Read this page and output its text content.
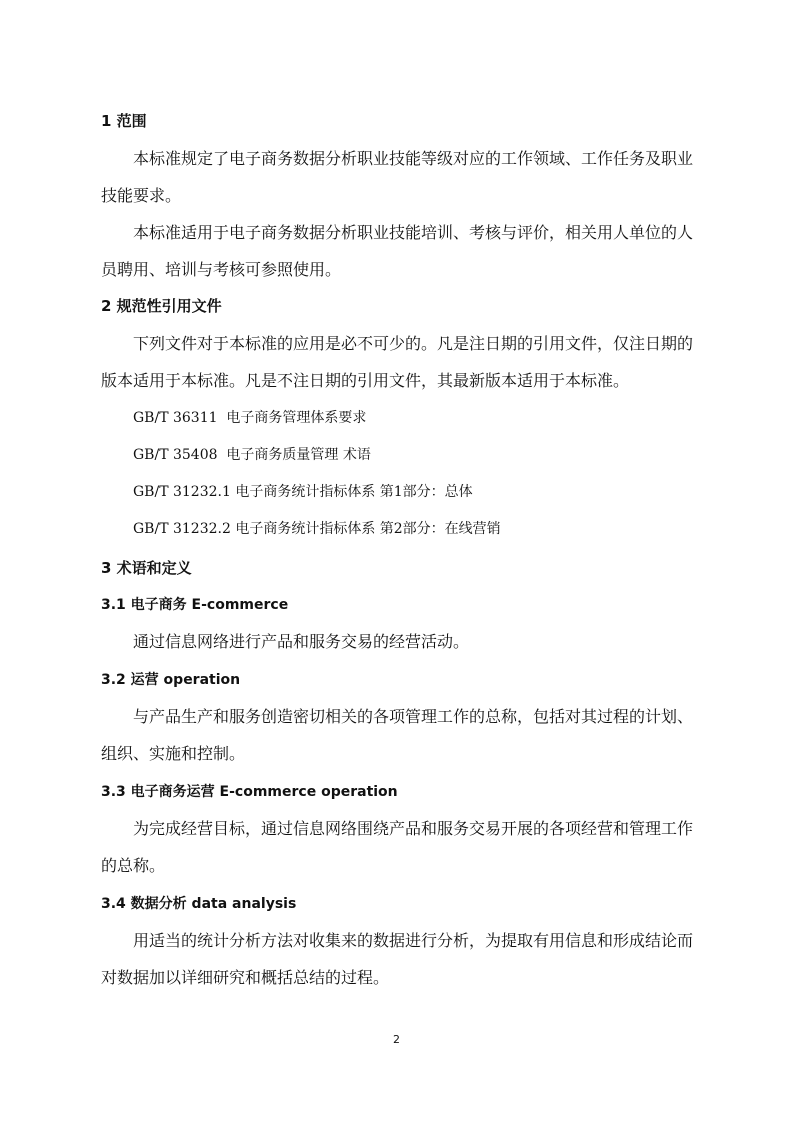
1 范围
本标准规定了电子商务数据分析职业技能等级对应的工作领域、工作任务及职业
技能要求。
本标准适用于电子商务数据分析职业技能培训、考核与评价，相关用人单位的人
员聘用、培训与考核可参照使用。
2 规范性引用文件
下列文件对于本标准的应用是必不可少的。凡是注日期的引用文件，仅注日期的
版本适用于本标准。凡是不注日期的引用文件，其最新版本适用于本标准。
GB/T 36311  电子商务管理体系要求
GB/T 35408  电子商务质量管理 术语
GB/T 31232.1 电子商务统计指标体系 第1部分：总体
GB/T 31232.2 电子商务统计指标体系 第2部分：在线营销
3 术语和定义
3.1 电子商务 E-commerce
通过信息网络进行产品和服务交易的经营活动。
3.2 运营 operation
与产品生产和服务创造密切相关的各项管理工作的总称，包括对其过程的计划、
组织、实施和控制。
3.3 电子商务运营 E-commerce operation
为完成经营目标，通过信息网络围绕产品和服务交易开展的各项经营和管理工作
的总称。
3.4 数据分析 data analysis
用适当的统计分析方法对收集来的数据进行分析，为提取有用信息和形成结论而
对数据加以详细研究和概括总结的过程。
2
